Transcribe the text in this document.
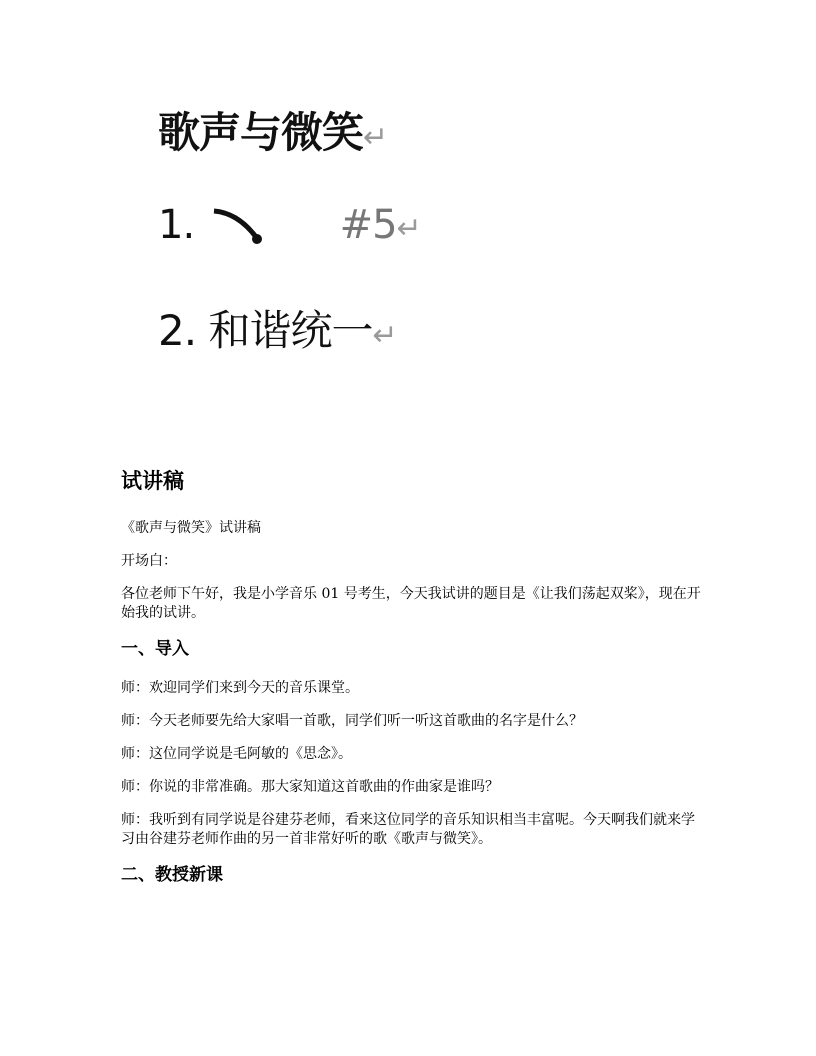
歌声与微笑↵
1.	#5↵
2. 和谐统一↵
试讲稿

《歌声与微笑》试讲稿

开场白：

各位老师下午好，我是小学音乐 01 号考生，今天我试讲的题目是《让我们荡起双桨》，现在开始我的试讲。

一、导入

师：欢迎同学们来到今天的音乐课堂。

师：今天老师要先给大家唱一首歌，同学们听一听这首歌曲的名字是什么？

师：这位同学说是毛阿敏的《思念》。

师：你说的非常准确。那大家知道这首歌曲的作曲家是谁吗？

师：我听到有同学说是谷建芬老师，看来这位同学的音乐知识相当丰富呢。今天啊我们就来学习由谷建芬老师作曲的另一首非常好听的歌《歌声与微笑》。

二、教授新课
